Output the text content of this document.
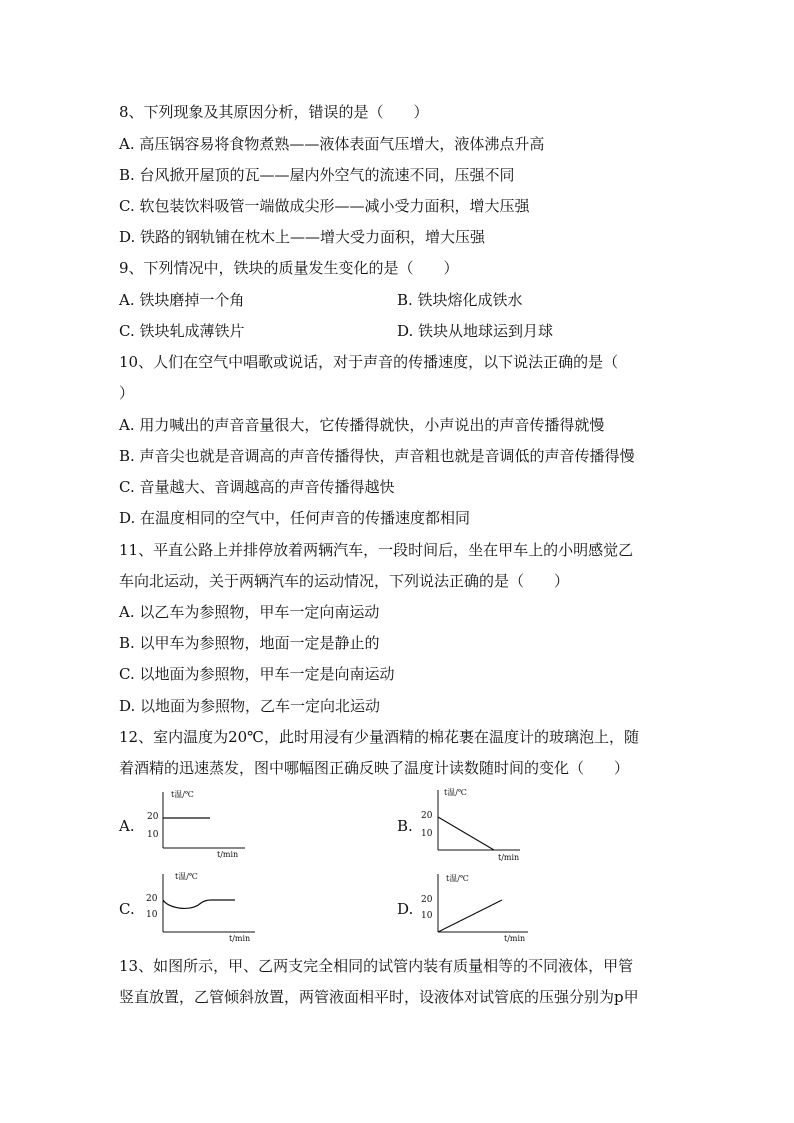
8、下列现象及其原因分析，错误的是（　　）
A. 高压锅容易将食物煮熟——液体表面气压增大，液体沸点升高
B. 台风掀开屋顶的瓦——屋内外空气的流速不同，压强不同
C. 软包装饮料吸管一端做成尖形——减小受力面积，增大压强
D. 铁路的钢轨铺在枕木上——增大受力面积，增大压强
9、下列情况中，铁块的质量发生变化的是（　　）
A. 铁块磨掉一个角	B. 铁块熔化成铁水
C. 铁块轧成薄铁片	D. 铁块从地球运到月球
10、人们在空气中唱歌或说话，对于声音的传播速度，以下说法正确的是（
）
A. 用力喊出的声音音量很大，它传播得就快，小声说出的声音传播得就慢
B. 声音尖也就是音调高的声音传播得快，声音粗也就是音调低的声音传播得慢
C. 音量越大、音调越高的声音传播得越快
D. 在温度相同的空气中，任何声音的传播速度都相同
11、平直公路上并排停放着两辆汽车，一段时间后，坐在甲车上的小明感觉乙
车向北运动，关于两辆汽车的运动情况，下列说法正确的是（　　）
A. 以乙车为参照物，甲车一定向南运动
B. 以甲车为参照物，地面一定是静止的
C. 以地面为参照物，甲车一定是向南运动
D. 以地面为参照物，乙车一定向北运动
12、室内温度为20℃，此时用浸有少量酒精的棉花裹在温度计的玻璃泡上，随
着酒精的迅速蒸发，图中哪幅图正确反映了温度计读数随时间的变化（　　）
A.
t温/℃
20
10
t/min
B.
t温/℃
20
10
t/min
C.
t温/℃
20
10
t/min
D.
t温/℃
20
10
t/min
13、如图所示，甲、乙两支完全相同的试管内装有质量相等的不同液体，甲管
竖直放置，乙管倾斜放置，两管液面相平时，设液体对试管底的压强分别为p甲
